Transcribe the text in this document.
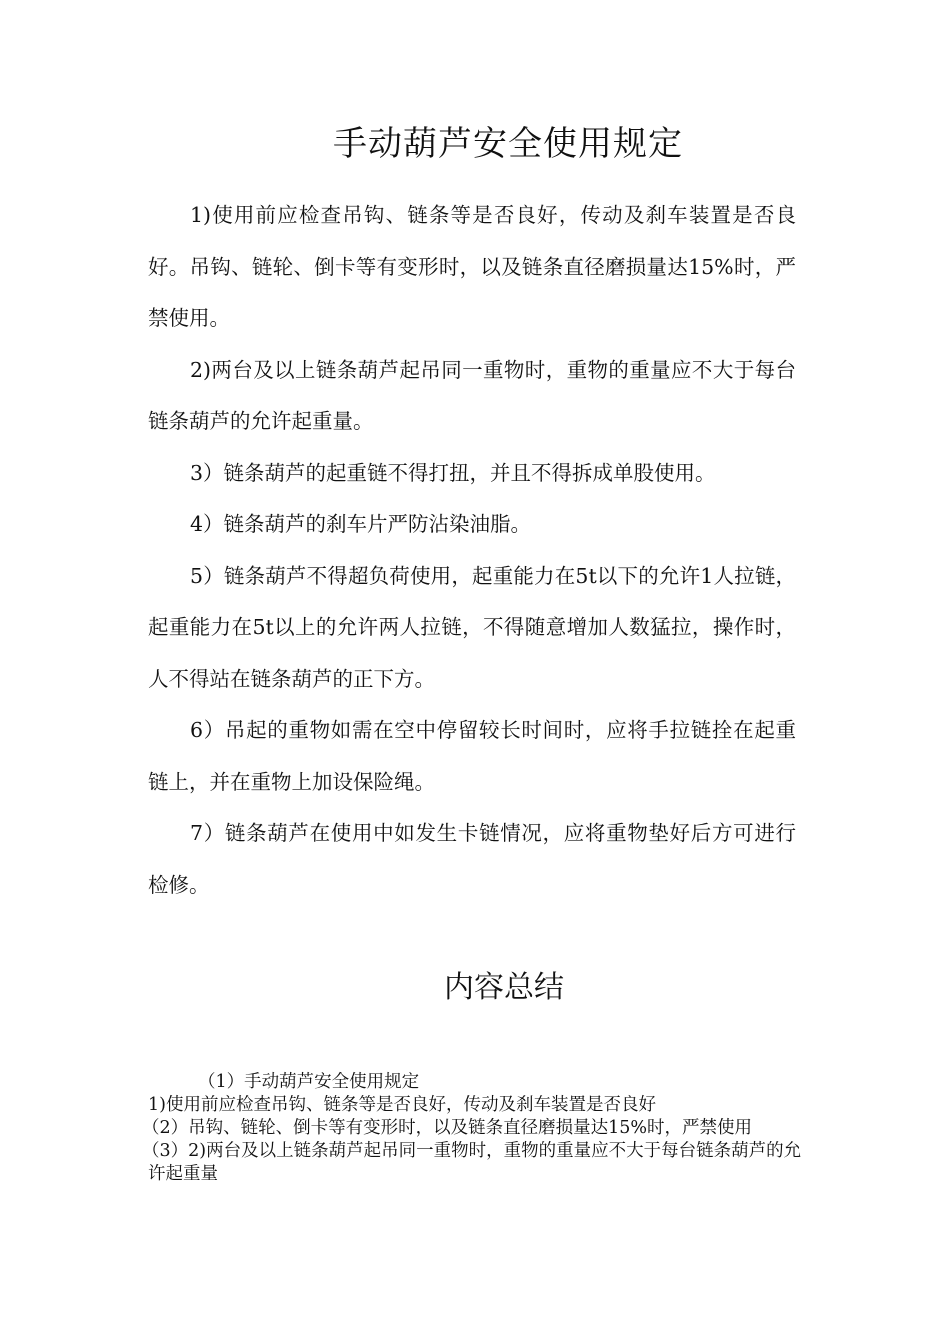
手动葫芦安全使用规定

1)使用前应检查吊钩、链条等是否良好，传动及刹车装置是否良好。吊钩、链轮、倒卡等有变形时，以及链条直径磨损量达15%时，严禁使用。

2)两台及以上链条葫芦起吊同一重物时，重物的重量应不大于每台链条葫芦的允许起重量。

3）链条葫芦的起重链不得打扭，并且不得拆成单股使用。

4）链条葫芦的刹车片严防沾染油脂。

5）链条葫芦不得超负荷使用，起重能力在5t以下的允许1人拉链，起重能力在5t以上的允许两人拉链，不得随意增加人数猛拉，操作时，人不得站在链条葫芦的正下方。

6）吊起的重物如需在空中停留较长时间时，应将手拉链拴在起重链上，并在重物上加设保险绳。

7）链条葫芦在使用中如发生卡链情况，应将重物垫好后方可进行检修。

内容总结

（1）手动葫芦安全使用规定

1)使用前应检查吊钩、链条等是否良好，传动及刹车装置是否良好

（2）吊钩、链轮、倒卡等有变形时，以及链条直径磨损量达15%时，严禁使用

（3）2)两台及以上链条葫芦起吊同一重物时，重物的重量应不大于每台链条葫芦的允许起重量
